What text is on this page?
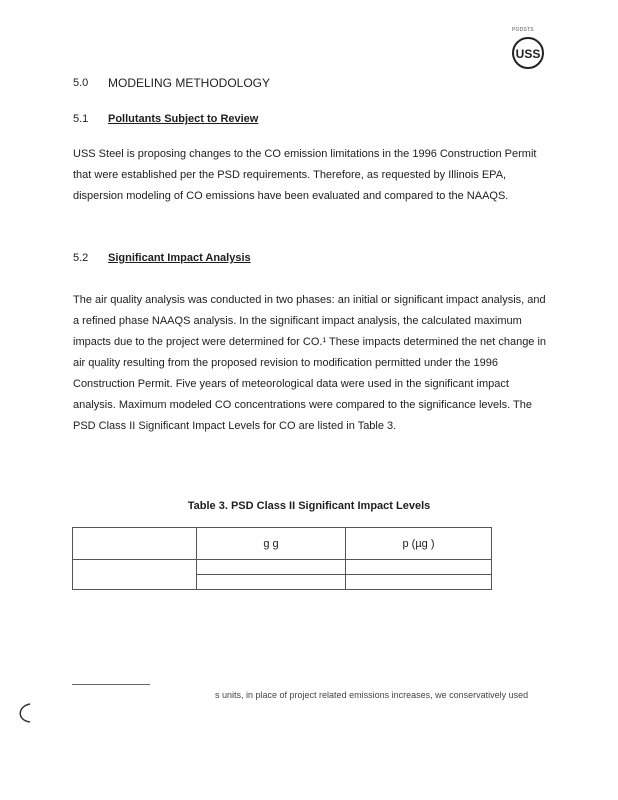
PODSTS
USS
5.0 MODELING METHODOLOGY
5.1 Pollutants Subject to Review
USS Steel is proposing changes to the CO emission limitations in the 1996 Construction Permit that were established per the PSD requirements. Therefore, as requested by Illinois EPA, dispersion modeling of CO emissions have been evaluated and compared to the NAAQS.
5.2 Significant Impact Analysis
The air quality analysis was conducted in two phases: an initial or significant impact analysis, and a refined phase NAAQS analysis. In the significant impact analysis, the calculated maximum impacts due to the project were determined for CO.¹ These impacts determined the net change in air quality resulting from the proposed revision to modification permitted under the 1996 Construction Permit. Five years of meteorological data were used in the significant impact analysis. Maximum modeled CO concentrations were compared to the significance levels. The PSD Class II Significant Impact Levels for CO are listed in Table 3.
Table 3. PSD Class II Significant Impact Levels
	g g	p (µg )

s units, in place of project related emissions increases, we conservatively used
